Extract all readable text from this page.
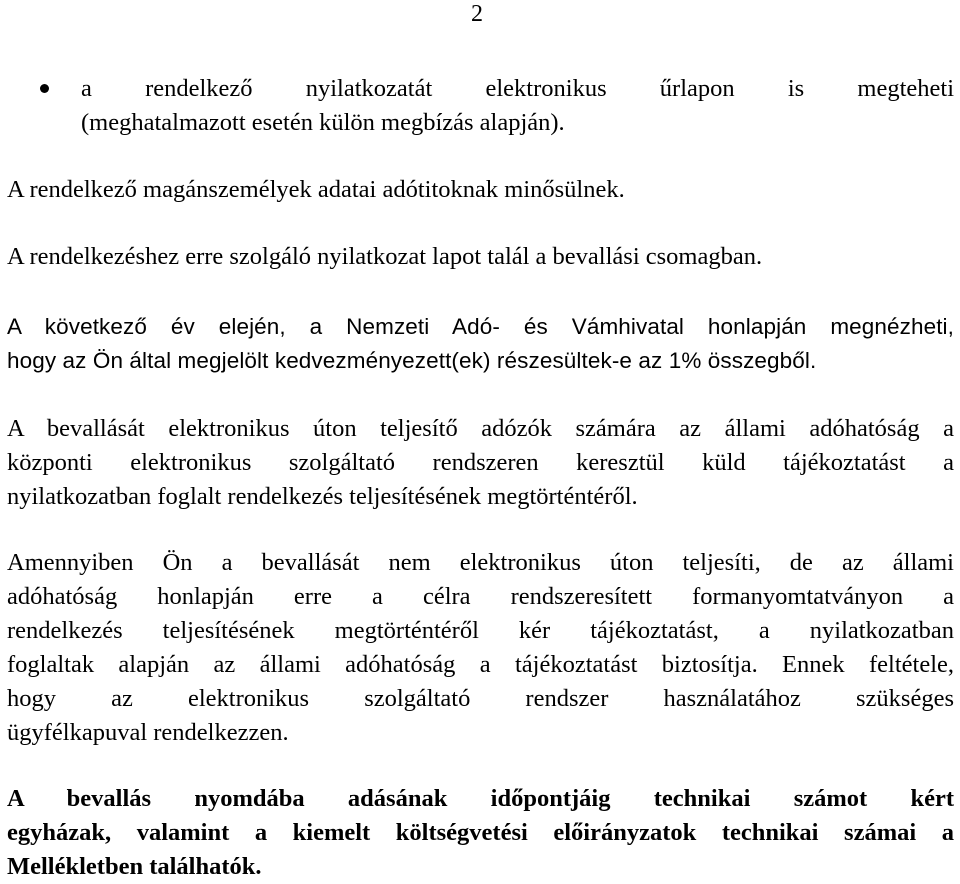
2
a rendelkező nyilatkozatát elektronikus űrlapon is megteheti
(meghatalmazott esetén külön megbízás alapján).

A rendelkező magánszemélyek adatai adótitoknak minősülnek.

A rendelkezéshez erre szolgáló nyilatkozat lapot talál a bevallási csomagban.

A következő év elején, a Nemzeti Adó- és Vámhivatal honlapján megnézheti,
hogy az Ön által megjelölt kedvezményezett(ek) részesültek-e az 1% összegből.

A bevallását elektronikus úton teljesítő adózók számára az állami adóhatóság a
központi elektronikus szolgáltató rendszeren keresztül küld tájékoztatást a
nyilatkozatban foglalt rendelkezés teljesítésének megtörténtéről.

Amennyiben Ön a bevallását nem elektronikus úton teljesíti, de az állami
adóhatóság honlapján erre a célra rendszeresített formanyomtatványon a
rendelkezés teljesítésének megtörténtéről kér tájékoztatást, a nyilatkozatban
foglaltak alapján az állami adóhatóság a tájékoztatást biztosítja. Ennek feltétele,
hogy az elektronikus szolgáltató rendszer használatához szükséges
ügyfélkapuval rendelkezzen.

A bevallás nyomdába adásának időpontjáig technikai számot kért
egyházak, valamint a kiemelt költségvetési előirányzatok technikai számai a
Mellékletben találhatók.
